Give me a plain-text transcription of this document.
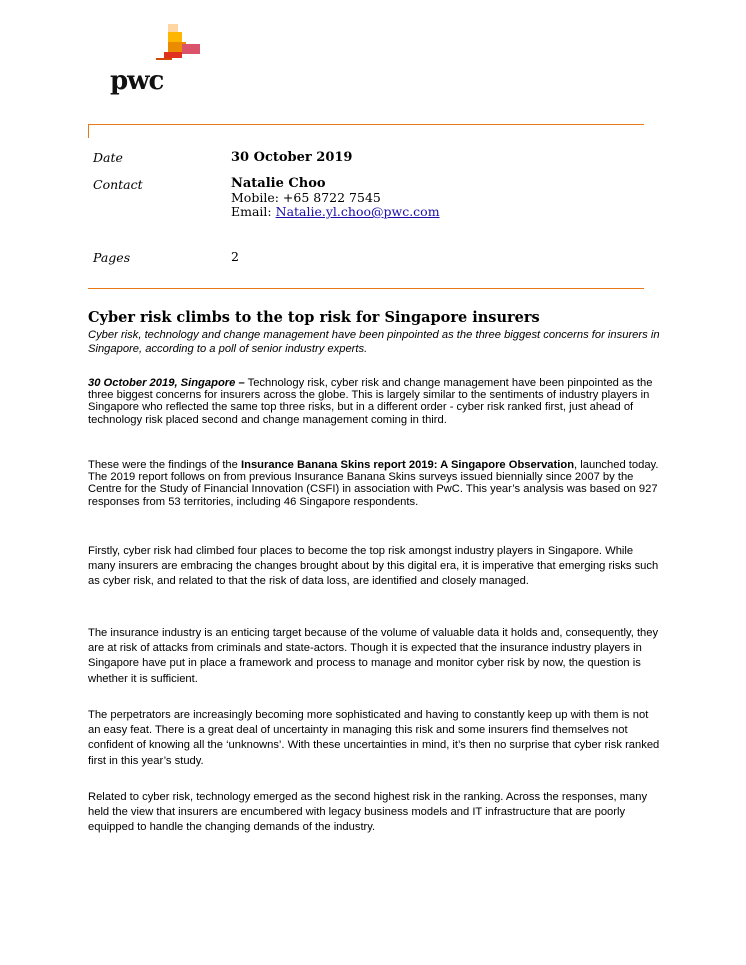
pwc
Date	30 October 2019
Contact	Natalie Choo
Mobile: +65 8722 7545
Email: Natalie.yl.choo@pwc.com
Pages	2
Cyber risk climbs to the top risk for Singapore insurers
Cyber risk, technology and change management have been pinpointed as the three biggest concerns for insurers in Singapore, according to a poll of senior industry experts.

30 October 2019, Singapore – Technology risk, cyber risk and change management have been pinpointed as the three biggest concerns for insurers across the globe. This is largely similar to the sentiments of industry players in Singapore who reflected the same top three risks, but in a different order - cyber risk ranked first, just ahead of technology risk placed second and change management coming in third.

These were the findings of the Insurance Banana Skins report 2019: A Singapore Observation, launched today. The 2019 report follows on from previous Insurance Banana Skins surveys issued biennially since 2007 by the Centre for the Study of Financial Innovation (CSFI) in association with PwC. This year’s analysis was based on 927 responses from 53 territories, including 46 Singapore respondents.

Firstly, cyber risk had climbed four places to become the top risk amongst industry players in Singapore. While many insurers are embracing the changes brought about by this digital era, it is imperative that emerging risks such as cyber risk, and related to that the risk of data loss, are identified and closely managed.

The insurance industry is an enticing target because of the volume of valuable data it holds and, consequently, they are at risk of attacks from criminals and state-actors. Though it is expected that the insurance industry players in Singapore have put in place a framework and process to manage and monitor cyber risk by now, the question is whether it is sufficient.

The perpetrators are increasingly becoming more sophisticated and having to constantly keep up with them is not an easy feat. There is a great deal of uncertainty in managing this risk and some insurers find themselves not confident of knowing all the ‘unknowns’. With these uncertainties in mind, it’s then no surprise that cyber risk ranked first in this year’s study.

Related to cyber risk, technology emerged as the second highest risk in the ranking. Across the responses, many held the view that insurers are encumbered with legacy business models and IT infrastructure that are poorly equipped to handle the changing demands of the industry.
